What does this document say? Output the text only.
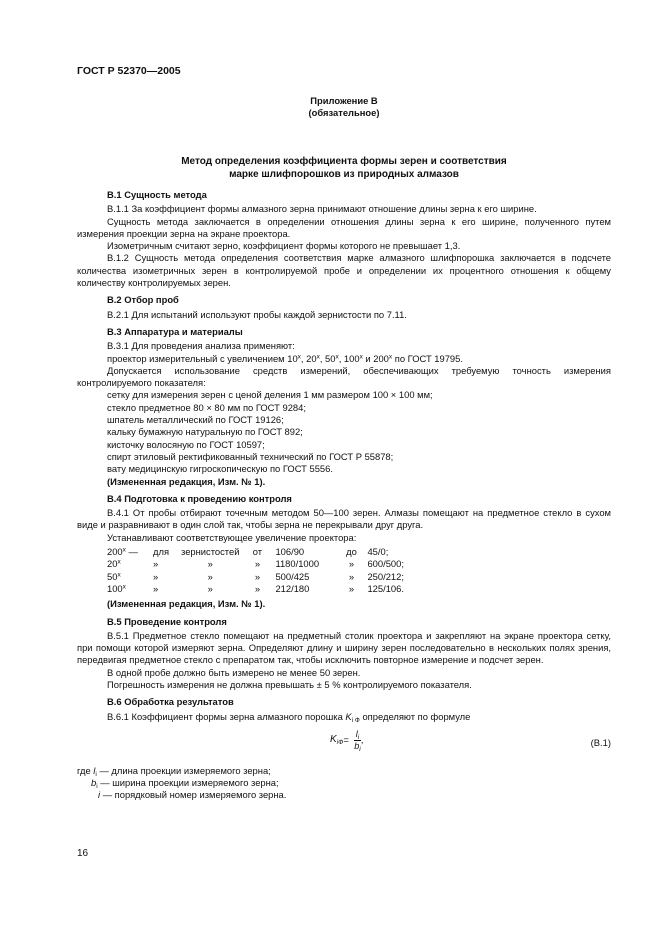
ГОСТ Р 52370—2005
Приложение В
(обязательное)
Метод определения коэффициента формы зерен и соответствия
марке шлифпорошков из природных алмазов
В.1 Сущность метода
В.1.1 За коэффициент формы алмазного зерна принимают отношение длины зерна к его ширине.
Сущность метода заключается в определении отношения длины зерна к его ширине, полученного путем измерения проекции зерна на экране проектора.
Изометричным считают зерно, коэффициент формы которого не превышает 1,3.
В.1.2 Сущность метода определения соответствия марке алмазного шлифпорошка заключается в подсчете количества изометричных зерен в контролируемой пробе и определении их процентного отношения к общему количеству контролируемых зерен.
В.2 Отбор проб
В.2.1 Для испытаний используют пробы каждой зернистости по 7.11.
В.3 Аппаратура и материалы
В.3.1 Для проведения анализа применяют:
проектор измерительный с увеличением 10$^x$, 20$^x$, 50$^x$, 100$^x$ и 200$^x$ по ГОСТ 19795.
Допускается использование средств измерений, обеспечивающих требуемую точность измерения контролируемого показателя:
сетку для измерения зерен с ценой деления 1 мм размером 100 × 100 мм;
стекло предметное 80 × 80 мм по ГОСТ 9284;
шпатель металлический по ГОСТ 19126;
кальку бумажную натуральную по ГОСТ 892;
кисточку волосяную по ГОСТ 10597;
спирт этиловый ректификованный технический по ГОСТ Р 55878;
вату медицинскую гигроскопическую по ГОСТ 5556.
(Измененная редакция, Изм. № 1).
В.4 Подготовка к проведению контроля
В.4.1 От пробы отбирают точечным методом 50—100 зерен. Алмазы помещают на предметное стекло в сухом виде и разравнивают в один слой так, чтобы зерна не перекрывали друг друга.
Устанавливают соответствующее увеличение проектора:
200$^x$ —	для	зернистостей	от	106/90	до	45/0;
20$^x$	»	»	»	1180/1000	»	600/500;
50$^x$	»	»	»	500/425	»	250/212;
100$^x$	»	»	»	212/180	»	125/106.
(Измененная редакция, Изм. № 1).
В.5 Проведение контроля
В.5.1 Предметное стекло помещают на предметный столик проектора и закрепляют на экране проектора сетку, при помощи которой измеряют зерна. Определяют длину и ширину зерен последовательно в нескольких полях зрения, передвигая предметное стекло с препаратом так, чтобы исключить повторное измерение и подсчет зерен.
В одной пробе должно быть измерено не менее 50 зерен.
Погрешность измерения не должна превышать ± 5 % контролируемого показателя.
В.6 Обработка результатов
В.6.1 Коэффициент формы зерна алмазного порошка $K_{i Ф}$ определяют по формуле
$K_{iФ} = \frac{l_i}{b_i}$ ,	(В.1)
где $l_i$ — длина проекции измеряемого зерна;
$b_i$ — ширина проекции измеряемого зерна;
i — порядковый номер измеряемого зерна.
16
